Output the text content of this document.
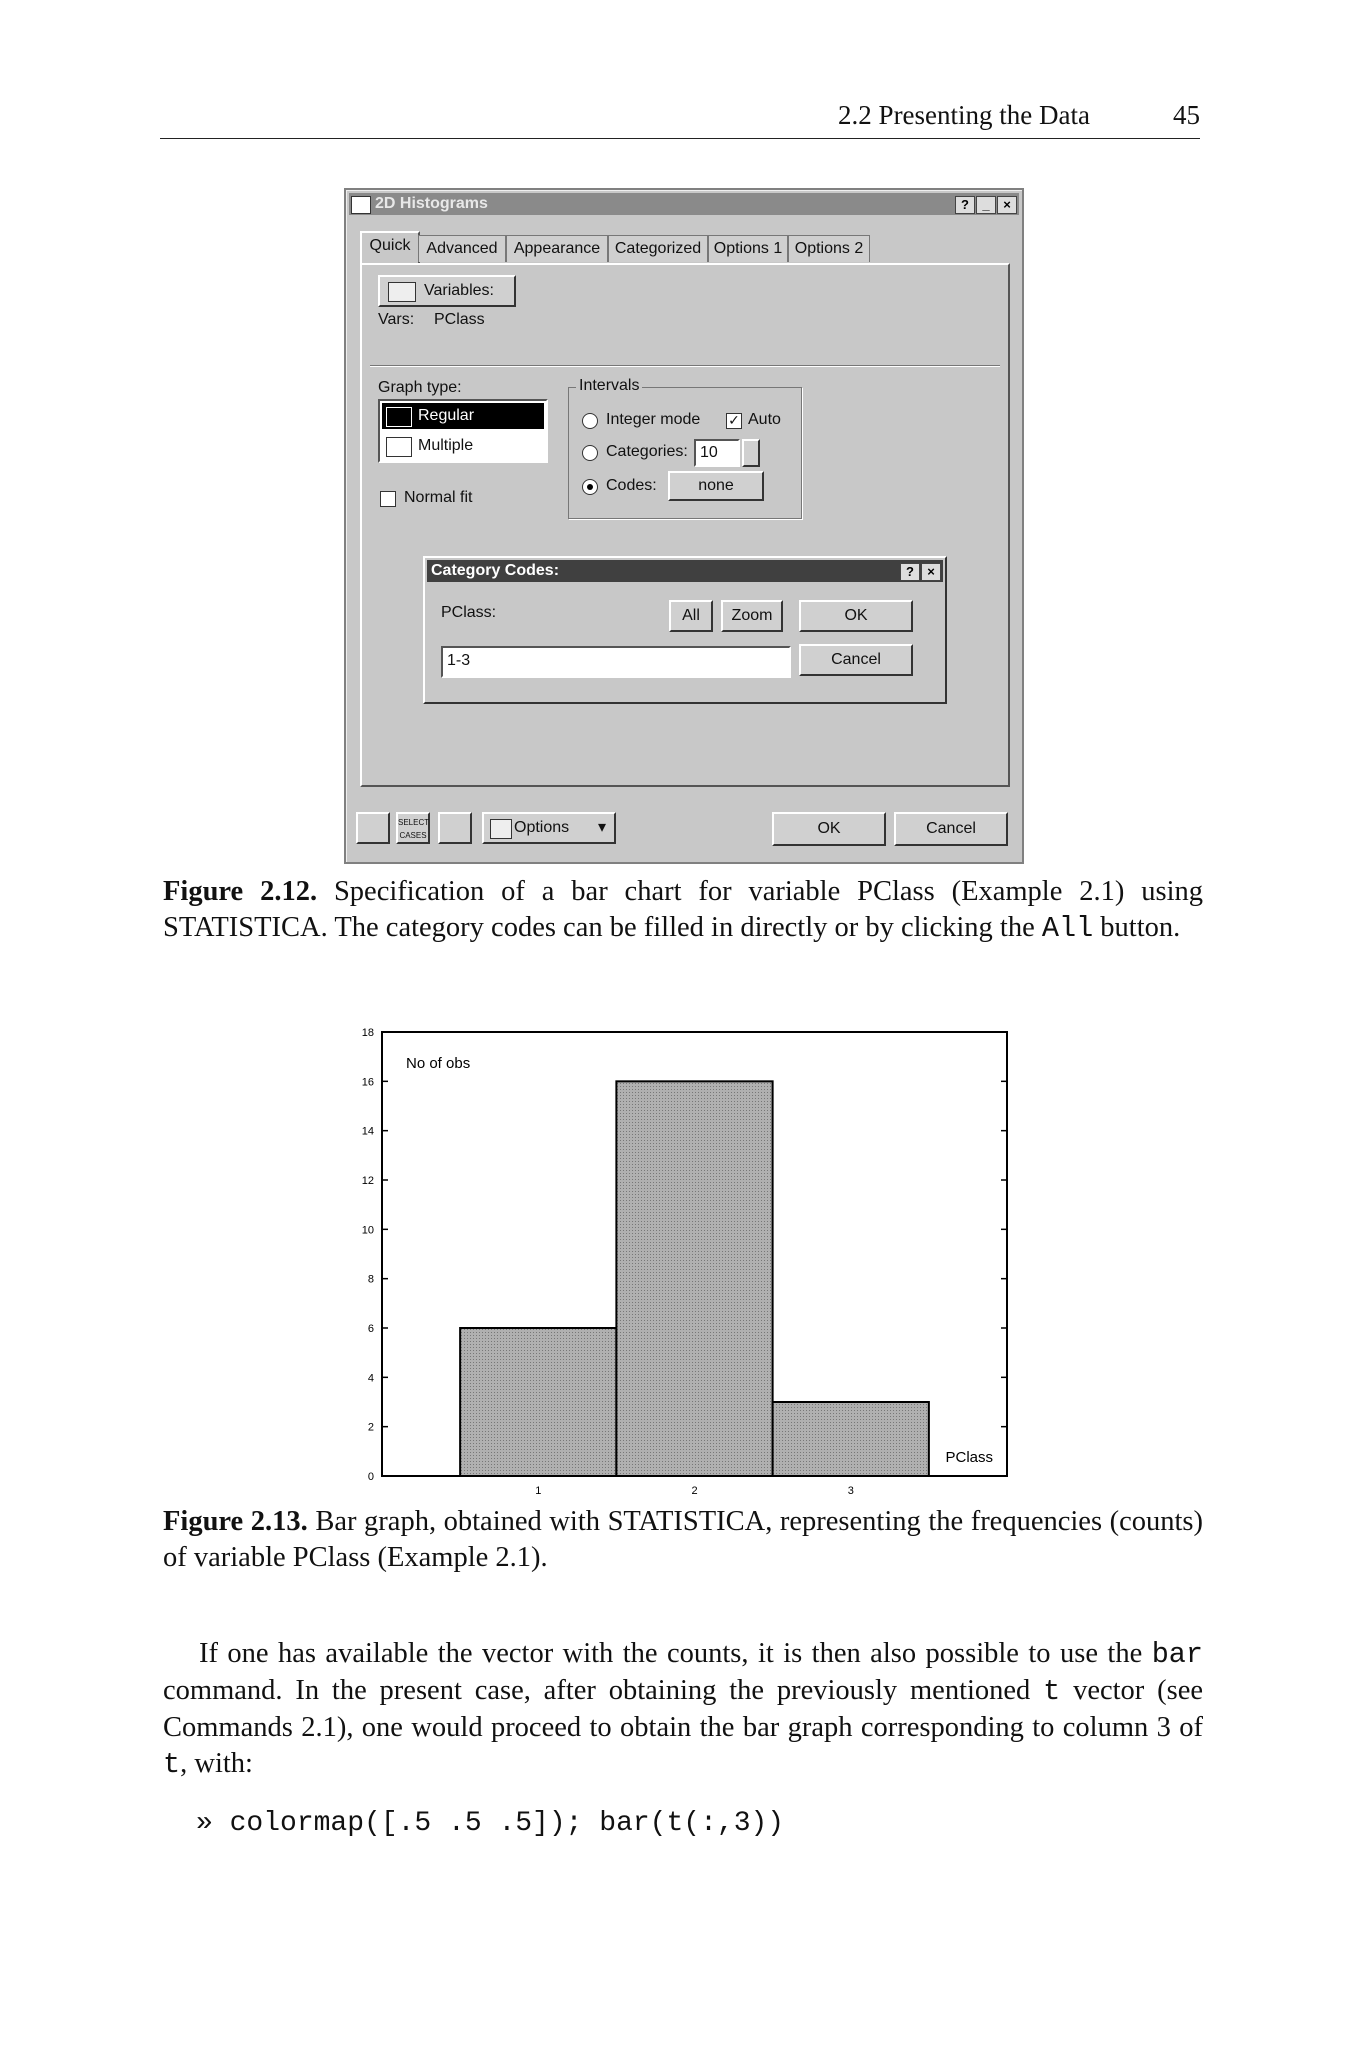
2.2 Presenting the Data	45
2D Histograms	?	_	×
Quick Advanced	Appearance Categorized Options 1 Options 2
Variables:
Vars: PClass
Graph type:
Regular
Multiple
Normal fit
Intervals
Integer mode ✓ Auto
Categories: 10
Codes:	none
Category Codes:	?	×
PClass:	All	Zoom	OK
1-3	Cancel
SELECT CASES	Options ▾	OK	Cancel
Figure 2.12. Specification of a bar chart for variable PClass (Example 2.1) using STATISTICA. The category codes can be filled in directly or by clicking the All button.
0
2
4
6
8
10
12
14
16
18
1	2	3
No of obs
PClass
Figure 2.13. Bar graph, obtained with STATISTICA, representing the frequencies (counts) of variable PClass (Example 2.1).
If one has available the vector with the counts, it is then also possible to use the bar command. In the present case, after obtaining the previously mentioned t vector (see Commands 2.1), one would proceed to obtain the bar graph corresponding to column 3 of t, with:
» colormap([.5 .5 .5]); bar(t(:,3))
